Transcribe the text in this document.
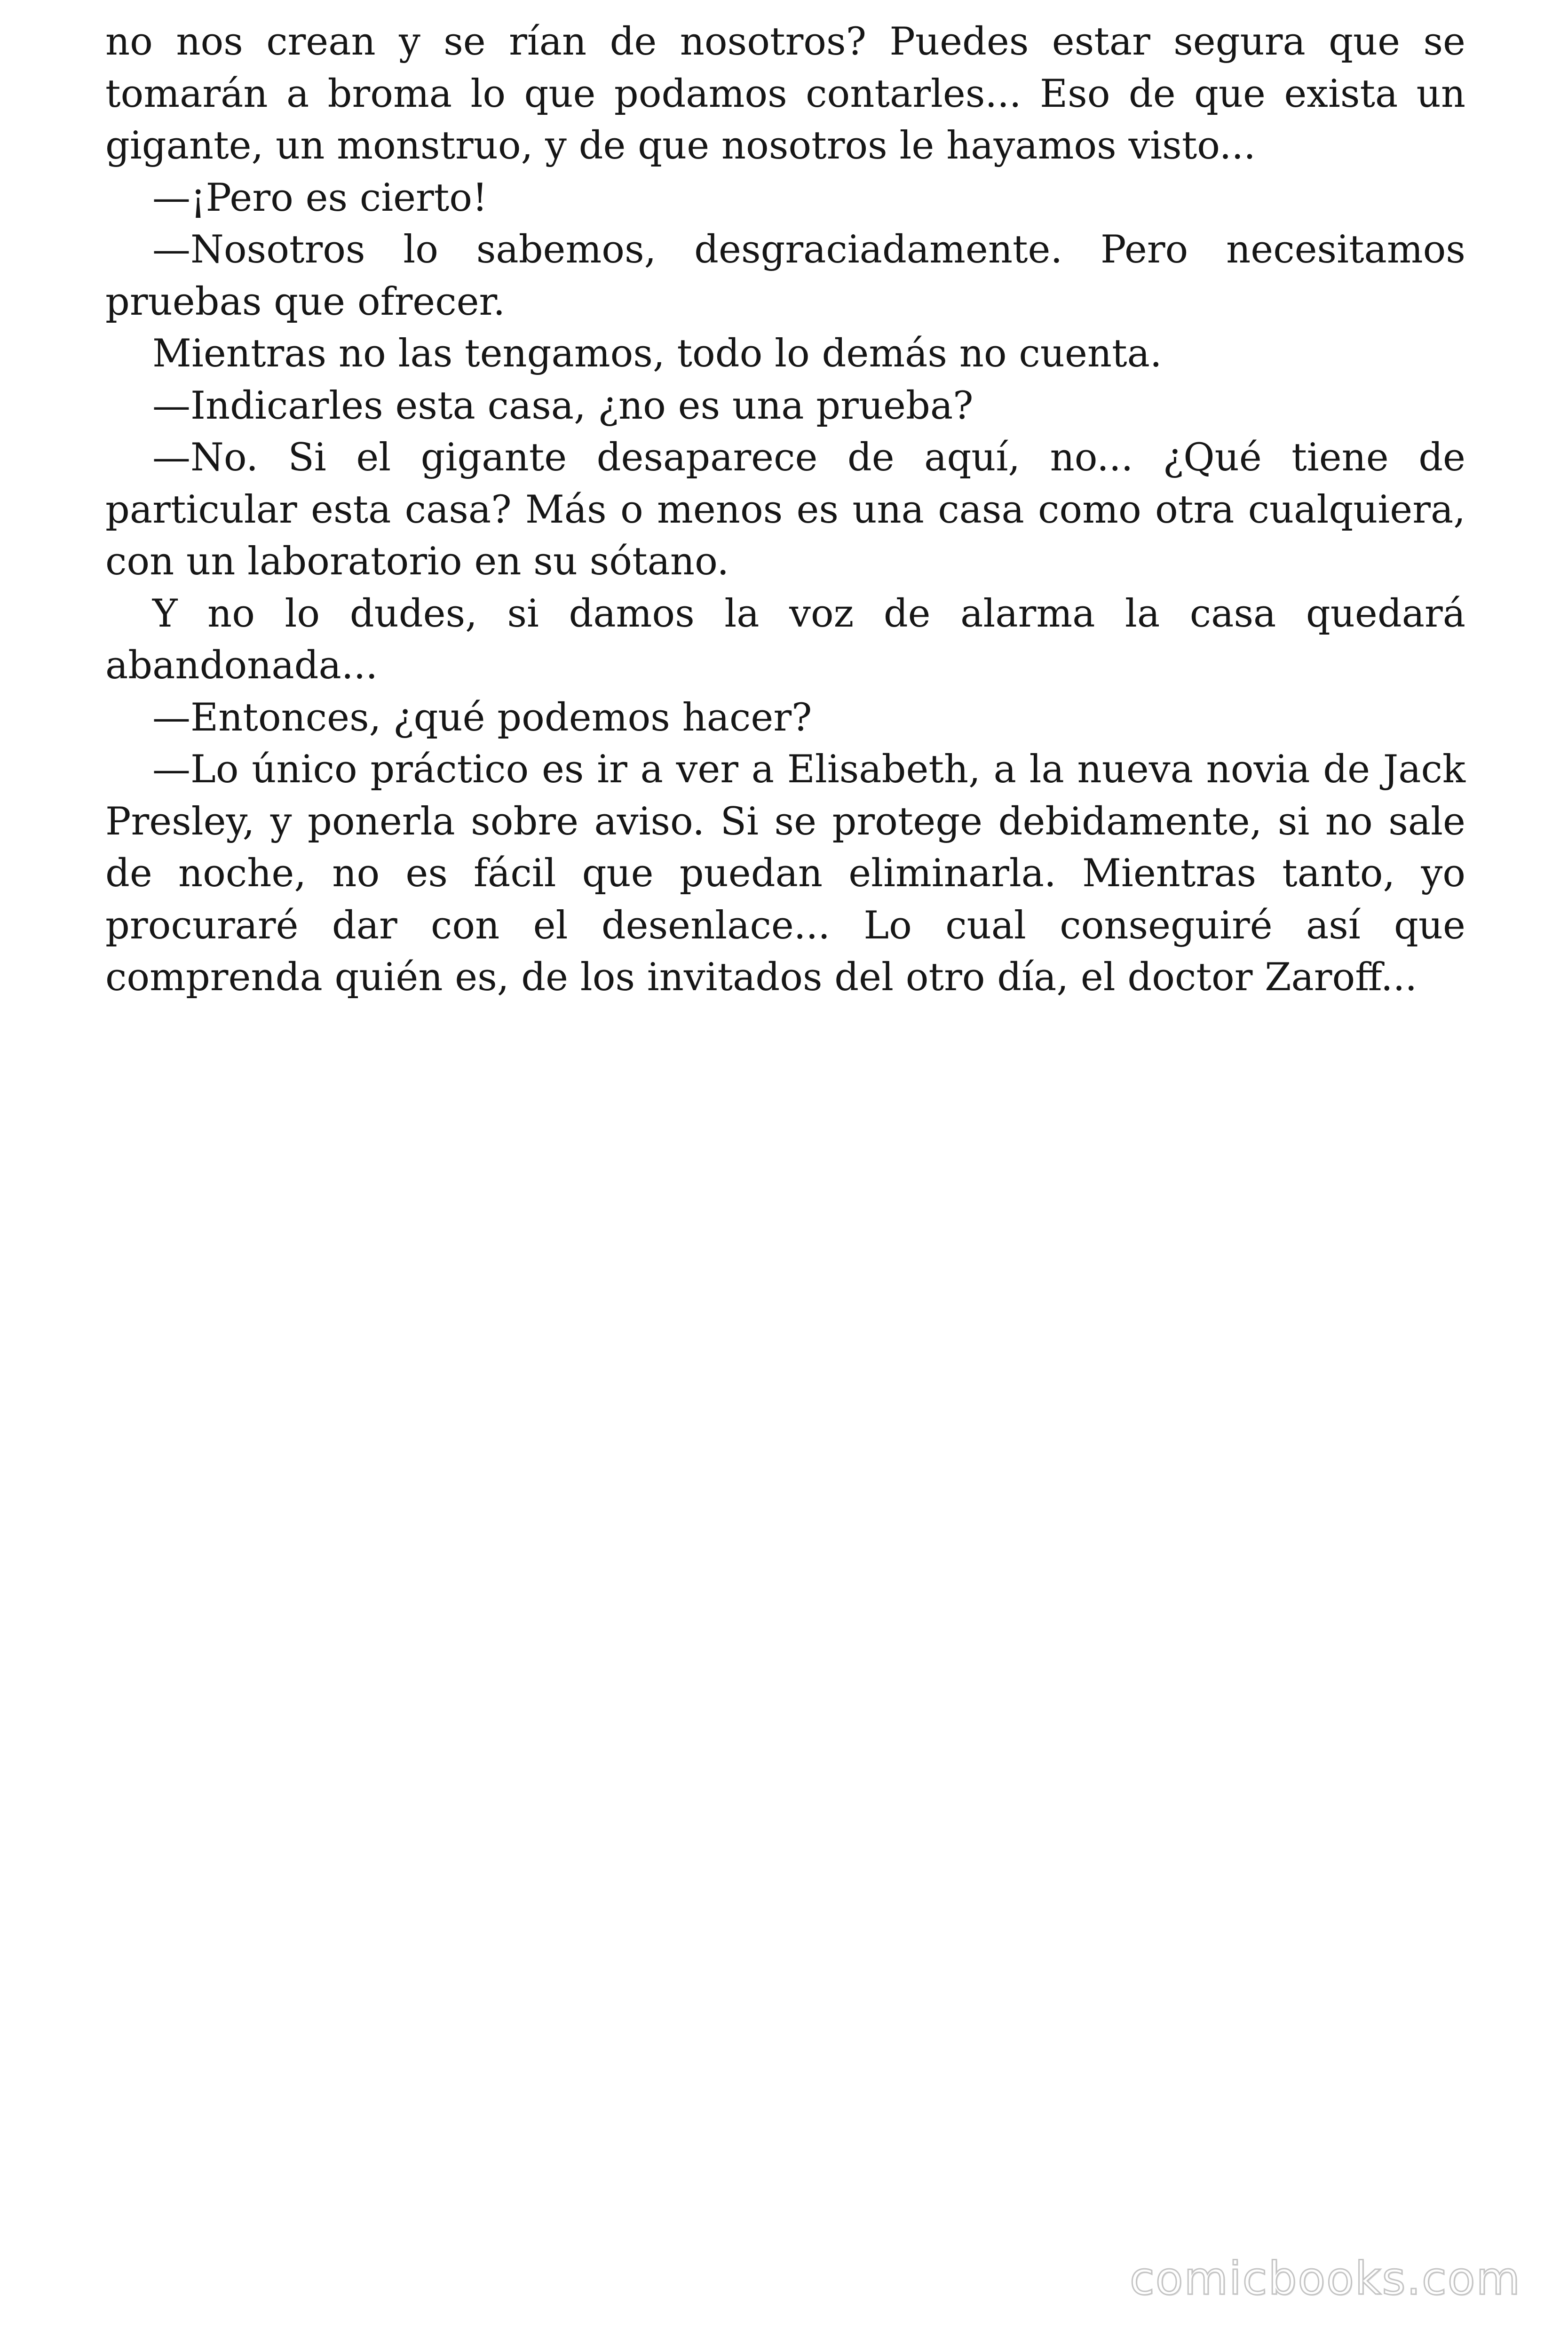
no nos crean y se rían de nosotros? Puedes estar segura que se tomarán a broma lo que podamos contarles... Eso de que exista un gigante, un monstruo, y de que nosotros le hayamos visto...

—¡Pero es cierto!

—Nosotros lo sabemos, desgraciadamente. Pero necesitamos pruebas que ofrecer.

Mientras no las tengamos, todo lo demás no cuenta.

—Indicarles esta casa, ¿no es una prueba?

—No. Si el gigante desaparece de aquí, no... ¿Qué tiene de particular esta casa? Más o menos es una casa como otra cualquiera, con un laboratorio en su sótano.

Y no lo dudes, si damos la voz de alarma la casa quedará abandonada...

—Entonces, ¿qué podemos hacer?

—Lo único práctico es ir a ver a Elisabeth, a la nueva novia de Jack Presley, y ponerla sobre aviso. Si se protege debidamente, si no sale de noche, no es fácil que puedan eliminarla. Mientras tanto, yo procuraré dar con el desenlace... Lo cual conseguiré así que comprenda quién es, de los invitados del otro día, el doctor Zaroff...

comicbooks.com
